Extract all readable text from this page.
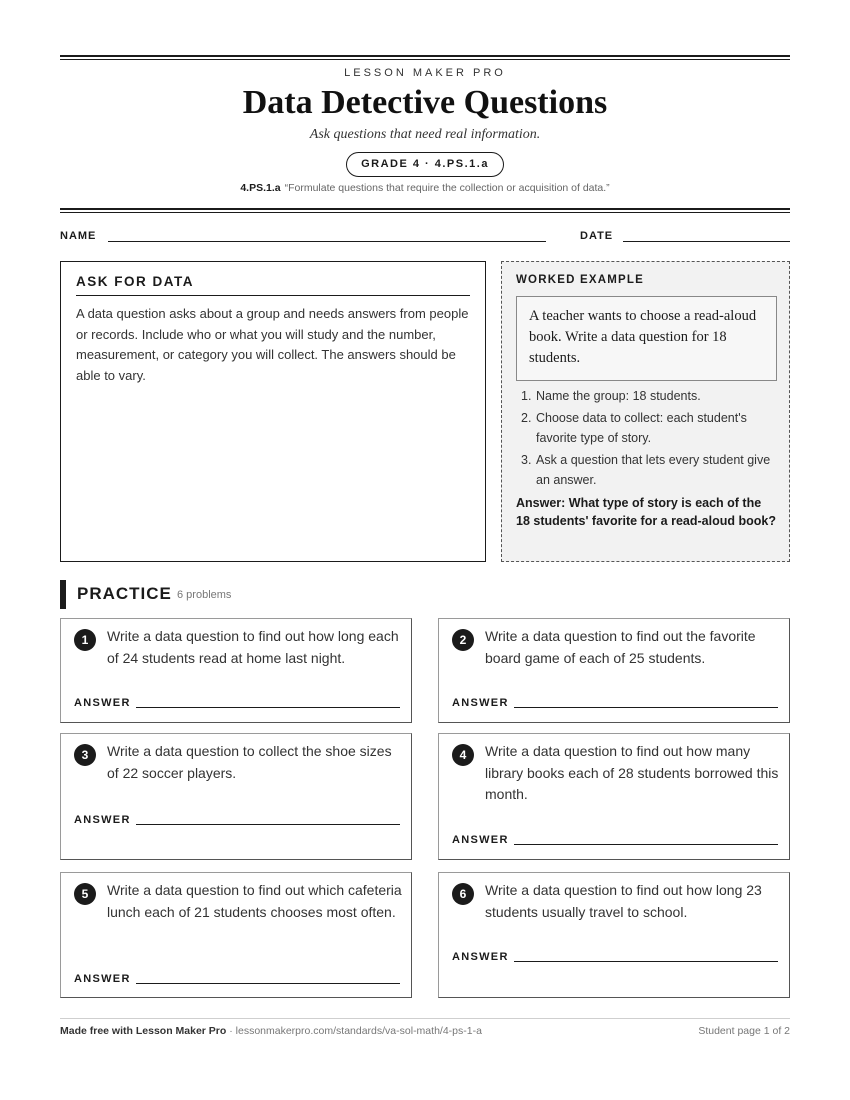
LESSON MAKER PRO
Data Detective Questions
Ask questions that need real information.
GRADE 4 · 4.PS.1.a
4.PS.1.a “Formulate questions that require the collection or acquisition of data.”
NAME	DATE
ASK FOR DATA
A data question asks about a group and needs answers from people or records. Include who or what you will study and the number, measurement, or category you will collect. The answers should be able to vary.
WORKED EXAMPLE
A teacher wants to choose a read-aloud book. Write a data question for 18 students.
1. Name the group: 18 students.
2. Choose data to collect: each student's favorite type of story.
3. Ask a question that lets every student give an answer.
Answer: What type of story is each of the 18 students' favorite for a read-aloud book?
PRACTICE 6 problems
1	Write a data question to find out how long each of 24 students read at home last night.
ANSWER
2	Write a data question to find out the favorite board game of each of 25 students.
ANSWER
3	Write a data question to collect the shoe sizes of 22 soccer players.
ANSWER
4	Write a data question to find out how many library books each of 28 students borrowed this month.
ANSWER
5	Write a data question to find out which cafeteria lunch each of 21 students chooses most often.
ANSWER
6	Write a data question to find out how long 23 students usually travel to school.
ANSWER
Made free with Lesson Maker Pro · lessonmakerpro.com/standards/va-sol-math/4-ps-1-a	Student page 1 of 2
